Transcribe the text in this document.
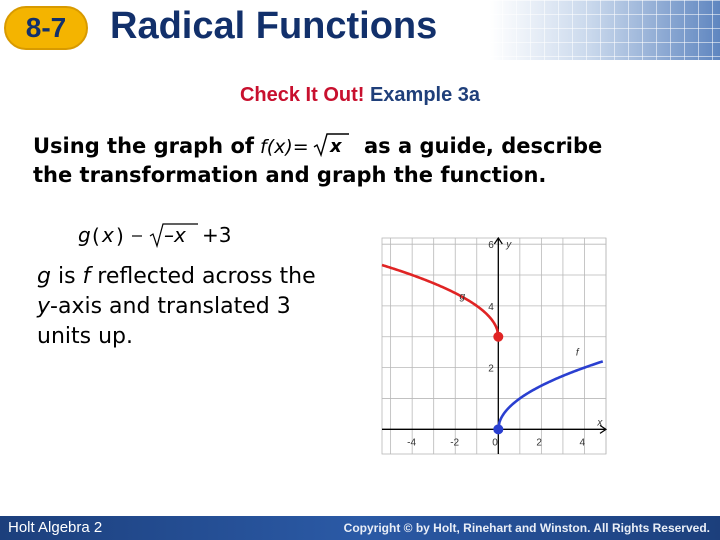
8-7 Radical Functions
Check It Out! Example 3a
Using the graph of f(x)= x as a guide, describe
the transformation and graph the function.
g ( x ) –x +3
g is f reflected across the
y-axis and translated 3
units up.
-4	-2	0	2	4
2
4
6
x
y
g
f
Holt Algebra 2	Copyright © by Holt, Rinehart and Winston. All Rights Reserved.
